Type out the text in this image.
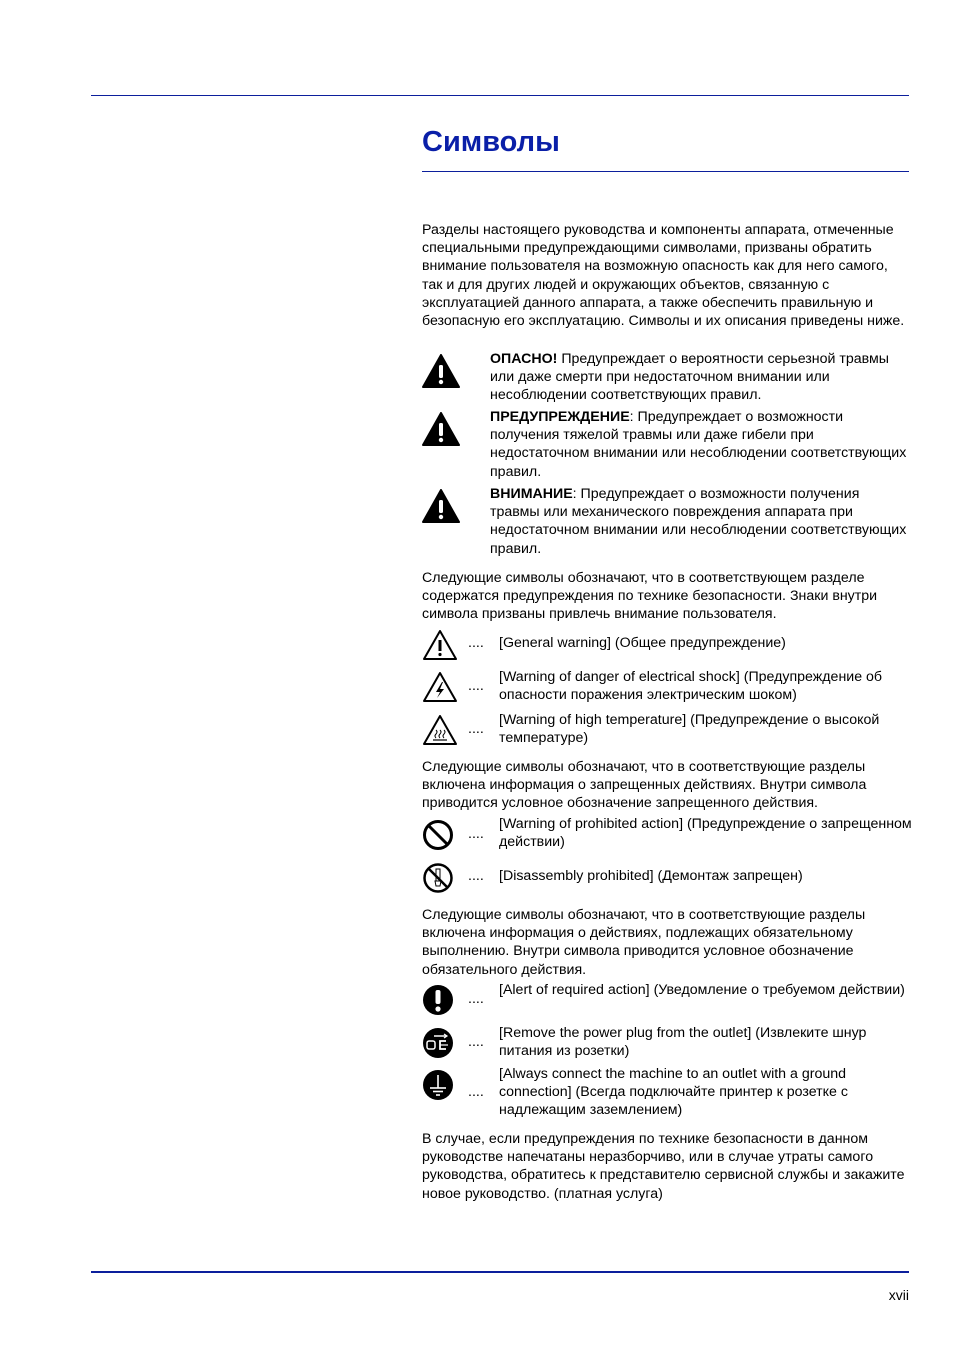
Символы

Разделы настоящего руководства и компоненты аппарата, отмеченные специальными предупреждающими символами, призваны обратить внимание пользователя на возможную опасность как для него самого, так и для других людей и окружающих объектов, связанную с эксплуатацией данного аппарата, а также обеспечить правильную и безопасную его эксплуатацию. Символы и их описания приведены ниже.

ОПАСНО! Предупреждает о вероятности серьезной травмы или даже смерти при недостаточном внимании или несоблюдении соответствующих правил.
ПРЕДУПРЕЖДЕНИЕ: Предупреждает о возможности получения тяжелой травмы или даже гибели при недостаточном внимании или несоблюдении соответствующих правил.
ВНИМАНИЕ: Предупреждает о возможности получения травмы или механического повреждения аппарата при недостаточном внимании или несоблюдении соответствующих правил.

Следующие символы обозначают, что в соответствующем разделе содержатся предупреждения по технике безопасности. Знаки внутри символа призваны привлечь внимание пользователя.

.... [General warning] (Общее предупреждение)
....
[Warning of danger of electrical shock] (Предупреждение об опасности поражения электрическим шоком)
....
[Warning of high temperature] (Предупреждение о высокой температуре)

Следующие символы обозначают, что в соответствующие разделы включена информация о запрещенных действиях. Внутри символа приводится условное обозначение запрещенного действия.

....
[Warning of prohibited action] (Предупреждение о запрещенном действии)
.... [Disassembly prohibited] (Демонтаж запрещен)

Следующие символы обозначают, что в соответствующие разделы включена информация о действиях, подлежащих обязательному выполнению. Внутри символа приводится условное обозначение обязательного действия.

....
[Alert of required action] (Уведомление о требуемом действии)
....
[Remove the power plug from the outlet] (Извлеките шнур питания из розетки)
....
[Always connect the machine to an outlet with a ground connection] (Всегда подключайте принтер к розетке с надлежащим заземлением)

В случае, если предупреждения по технике безопасности в данном руководстве напечатаны неразборчиво, или в случае утраты самого руководства, обратитесь к представителю сервисной службы и закажите новое руководство. (платная услуга)

xvii
